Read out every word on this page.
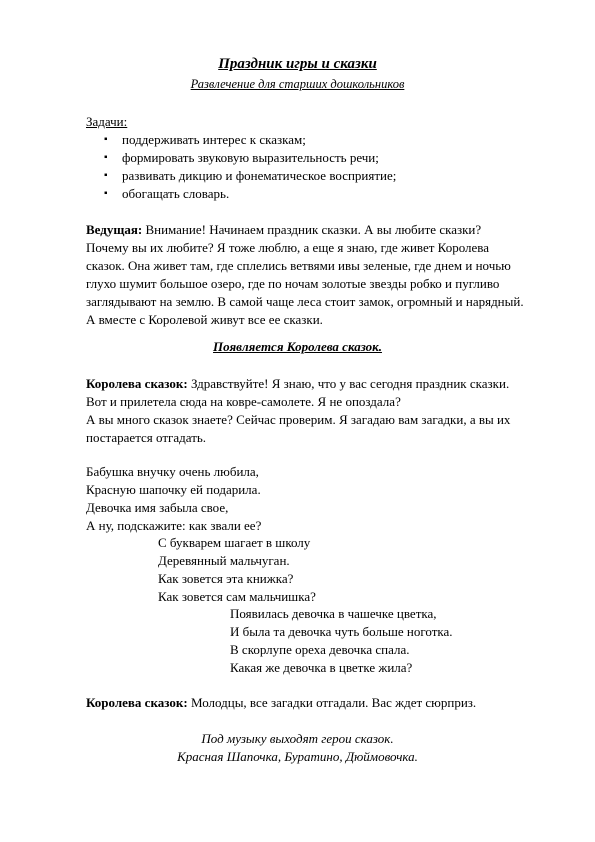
Праздник игры и сказки
Развлечение для старших дошкольников
Задачи:
▪ поддерживать интерес к сказкам;
▪ формировать звуковую выразительность речи;
▪ развивать дикцию и фонематическое восприятие;
▪ обогащать словарь.
Ведущая: Внимание! Начинаем праздник сказки. А вы любите сказки?
Почему вы их любите? Я тоже люблю, а еще я знаю, где живет Королева
сказок. Она живет там, где сплелись ветвями ивы зеленые, где днем и ночью
глухо шумит большое озеро, где по ночам золотые звезды робко и пугливо
заглядывают на землю. В самой чаще леса стоит замок, огромный и нарядный.
А вместе с Королевой живут все ее сказки.
Появляется Королева сказок.
Королева сказок: Здравствуйте! Я знаю, что у вас сегодня праздник сказки.
Вот и прилетела сюда на ковре-самолете. Я не опоздала?
А вы много сказок знаете? Сейчас проверим. Я загадаю вам загадки, а вы их
постарается отгадать.
Бабушка внучку очень любила,
Красную шапочку ей подарила.
Девочка имя забыла свое,
А ну, подскажите: как звали ее?
С букварем шагает в школу
Деревянный мальчуган.
Как зовется эта книжка?
Как зовется сам мальчишка?
Появилась девочка в чашечке цветка,
И была та девочка чуть больше ноготка.
В скорлупе ореха девочка спала.
Какая же девочка в цветке жила?
Королева сказок: Молодцы, все загадки отгадали. Вас ждет сюрприз.
Под музыку выходят герои сказок.
Красная Шапочка, Буратино, Дюймовочка.
